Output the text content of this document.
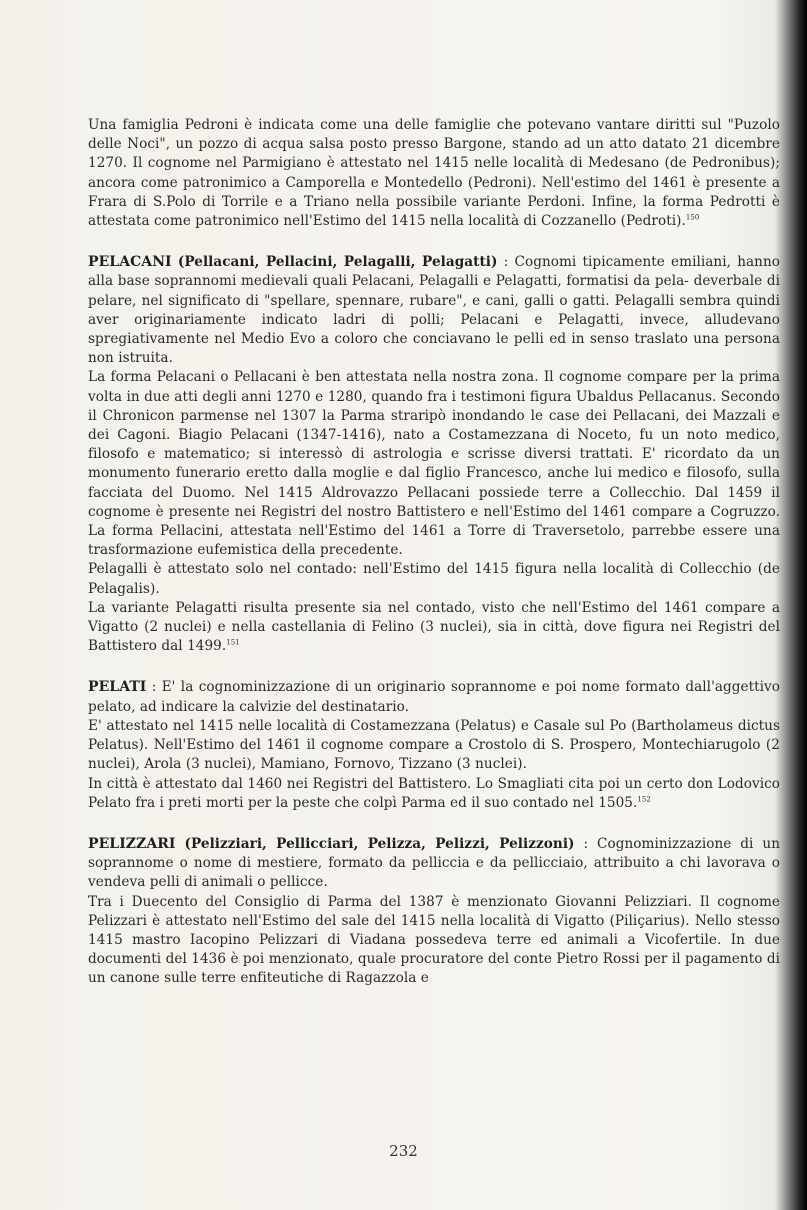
Una famiglia Pedroni è indicata come una delle famiglie che potevano vantare diritti sul "Puzolo delle Noci", un pozzo di acqua salsa posto presso Bargone, stando ad un atto datato 21 dicembre 1270. Il cognome nel Parmigiano è attestato nel 1415 nelle località di Medesano (de Pedronibus); ancora come patronimico a Camporella e Montedello (Pedroni). Nell'estimo del 1461 è presente a Frara di S.Polo di Torrile e a Triano nella possibile variante Perdoni. Infine, la forma Pedrotti è attestata come patronimico nell'Estimo del 1415 nella località di Cozzanello (Pedroti).$^{150}$

PELACANI (Pellacani, Pellacini, Pelagalli, Pelagatti) : Cognomi tipicamente emiliani, hanno alla base soprannomi medievali quali Pelacani, Pelagalli e Pelagatti, formatisi da pela- deverbale di pelare, nel significato di "spellare, spennare, rubare", e cani, galli o gatti. Pelagalli sembra quindi aver originariamente indicato ladri di polli; Pelacani e Pelagatti, invece, alludevano spregiativamente nel Medio Evo a coloro che conciavano le pelli ed in senso traslato una persona non istruita.

La forma Pelacani o Pellacani è ben attestata nella nostra zona. Il cognome compare per la prima volta in due atti degli anni 1270 e 1280, quando fra i testimoni figura Ubaldus Pellacanus. Secondo il Chronicon parmense nel 1307 la Parma straripò inondando le case dei Pellacani, dei Mazzali e dei Cagoni. Biagio Pelacani (1347-1416), nato a Costamezzana di Noceto, fu un noto medico, filosofo e matematico; si interessò di astrologia e scrisse diversi trattati. E' ricordato da un monumento funerario eretto dalla moglie e dal figlio Francesco, anche lui medico e filosofo, sulla facciata del Duomo. Nel 1415 Aldrovazzo Pellacani possiede terre a Collecchio. Dal 1459 il cognome è presente nei Registri del nostro Battistero e nell'Estimo del 1461 compare a Cogruzzo. La forma Pellacini, attestata nell'Estimo del 1461 a Torre di Traversetolo, parrebbe essere una trasformazione eufemistica della precedente.

Pelagalli è attestato solo nel contado: nell'Estimo del 1415 figura nella località di Collecchio (de Pelagalis).

La variante Pelagatti risulta presente sia nel contado, visto che nell'Estimo del 1461 compare a Vigatto (2 nuclei) e nella castellania di Felino (3 nuclei), sia in città, dove figura nei Registri del Battistero dal 1499.$^{151}$

PELATI : E' la cognominizzazione di un originario soprannome e poi nome formato dall'aggettivo pelato, ad indicare la calvizie del destinatario.

E' attestato nel 1415 nelle località di Costamezzana (Pelatus) e Casale sul Po (Bartholameus dictus Pelatus). Nell'Estimo del 1461 il cognome compare a Crostolo di S. Prospero, Montechiarugolo (2 nuclei), Arola (3 nuclei), Mamiano, Fornovo, Tizzano (3 nuclei).

In città è attestato dal 1460 nei Registri del Battistero. Lo Smagliati cita poi un certo don Lodovico Pelato fra i preti morti per la peste che colpì Parma ed il suo contado nel 1505.$^{152}$

PELIZZARI (Pelizziari, Pellicciari, Pelizza, Pelizzi, Pelizzoni) : Cognominizzazione di un soprannome o nome di mestiere, formato da pelliccia e da pellicciaio, attribuito a chi lavorava o vendeva pelli di animali o pellicce.

Tra i Duecento del Consiglio di Parma del 1387 è menzionato Giovanni Pelizziari. Il cognome Pelizzari è attestato nell'Estimo del sale del 1415 nella località di Vigatto (Piliçarius). Nello stesso 1415 mastro Iacopino Pelizzari di Viadana possedeva terre ed animali a Vicofertile. In due documenti del 1436 è poi menzionato, quale procuratore del conte Pietro Rossi per il pagamento di un canone sulle terre enfiteutiche di Ragazzola e

232
